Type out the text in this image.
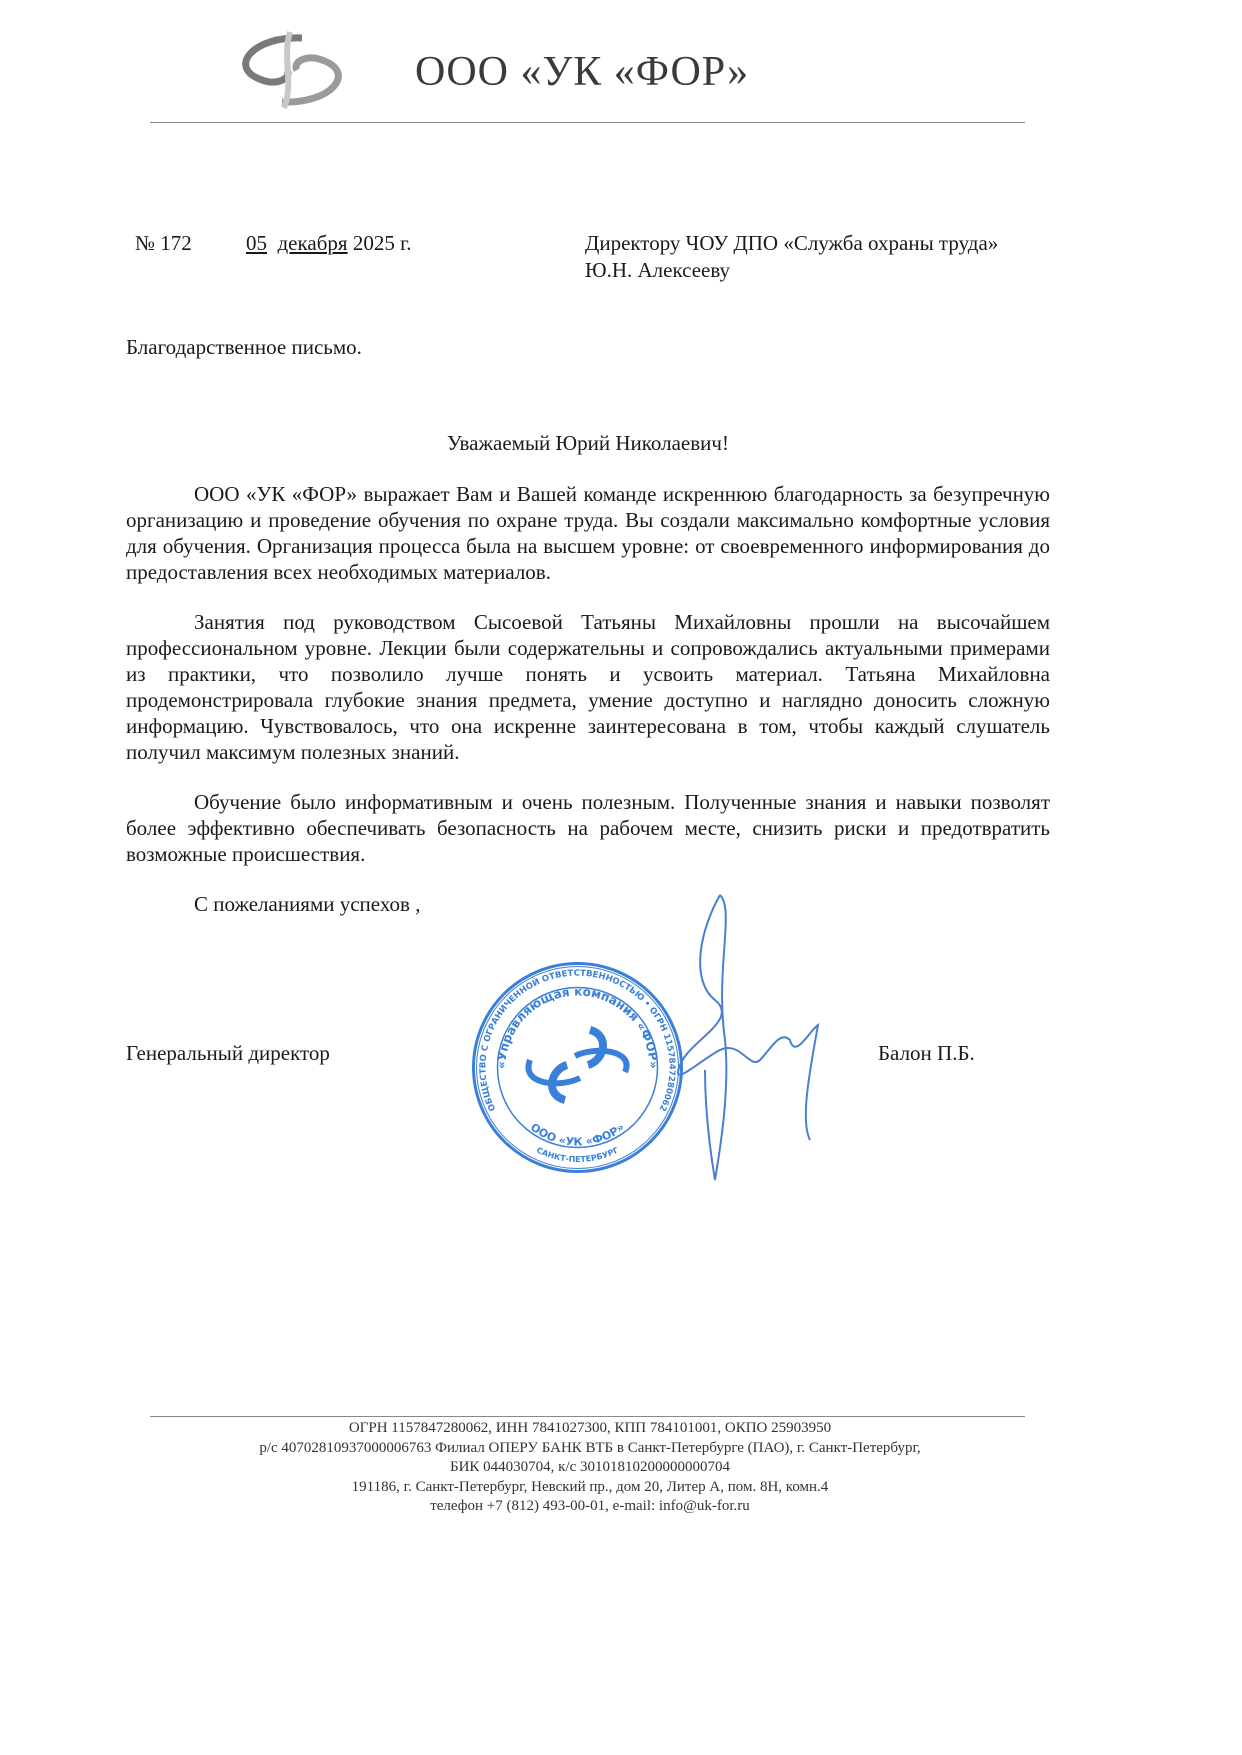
ООО «УК «ФОР»
№ 172	05 декабря 2025 г.	Директору ЧОУ ДПО «Служба охраны труда»
Ю.Н. Алексееву
Благодарственное письмо.
Уважаемый Юрий Николаевич!

ООО «УК «ФОР» выражает Вам и Вашей команде искреннюю благодарность за безупречную организацию и проведение обучения по охране труда. Вы создали максимально комфортные условия для обучения. Организация процесса была на высшем уровне: от своевременного информирования до предоставления всех необходимых материалов.

Занятия под руководством Сысоевой Татьяны Михайловны прошли на высочайшем профессиональном уровне. Лекции были содержательны и сопровождались актуальными примерами из практики, что позволило лучше понять и усвоить материал. Татьяна Михайловна продемонстрировала глубокие знания предмета, умение доступно и наглядно доносить сложную информацию. Чувствовалось, что она искренне заинтересована в том, чтобы каждый слушатель получил максимум полезных знаний.

Обучение было информативным и очень полезным. Полученные знания и навыки позволят более эффективно обеспечивать безопасность на рабочем месте, снизить риски и предотвратить возможные происшествия.

С пожеланиями успехов ,

Генеральный директор	Балон П.Б.
ОБЩЕСТВО С ОГРАНИЧЕННОЙ ОТВЕТСТВЕННОСТЬЮ • ОГРН 1157847280062
«Управляющая компания «ФОР»
ООО «УК «ФОР»
САНКТ-ПЕТЕРБУРГ
ОГРН 1157847280062, ИНН 7841027300, КПП 784101001, ОКПО 25903950
р/с 40702810937000006763 Филиал ОПЕРУ БАНК ВТБ в Санкт-Петербурге (ПАО), г. Санкт-Петербург,
БИК 044030704, к/с 30101810200000000704
191186, г. Санкт-Петербург, Невский пр., дом 20, Литер А, пом. 8Н, комн.4
телефон +7 (812) 493-00-01, e-mail: info@uk-for.ru
